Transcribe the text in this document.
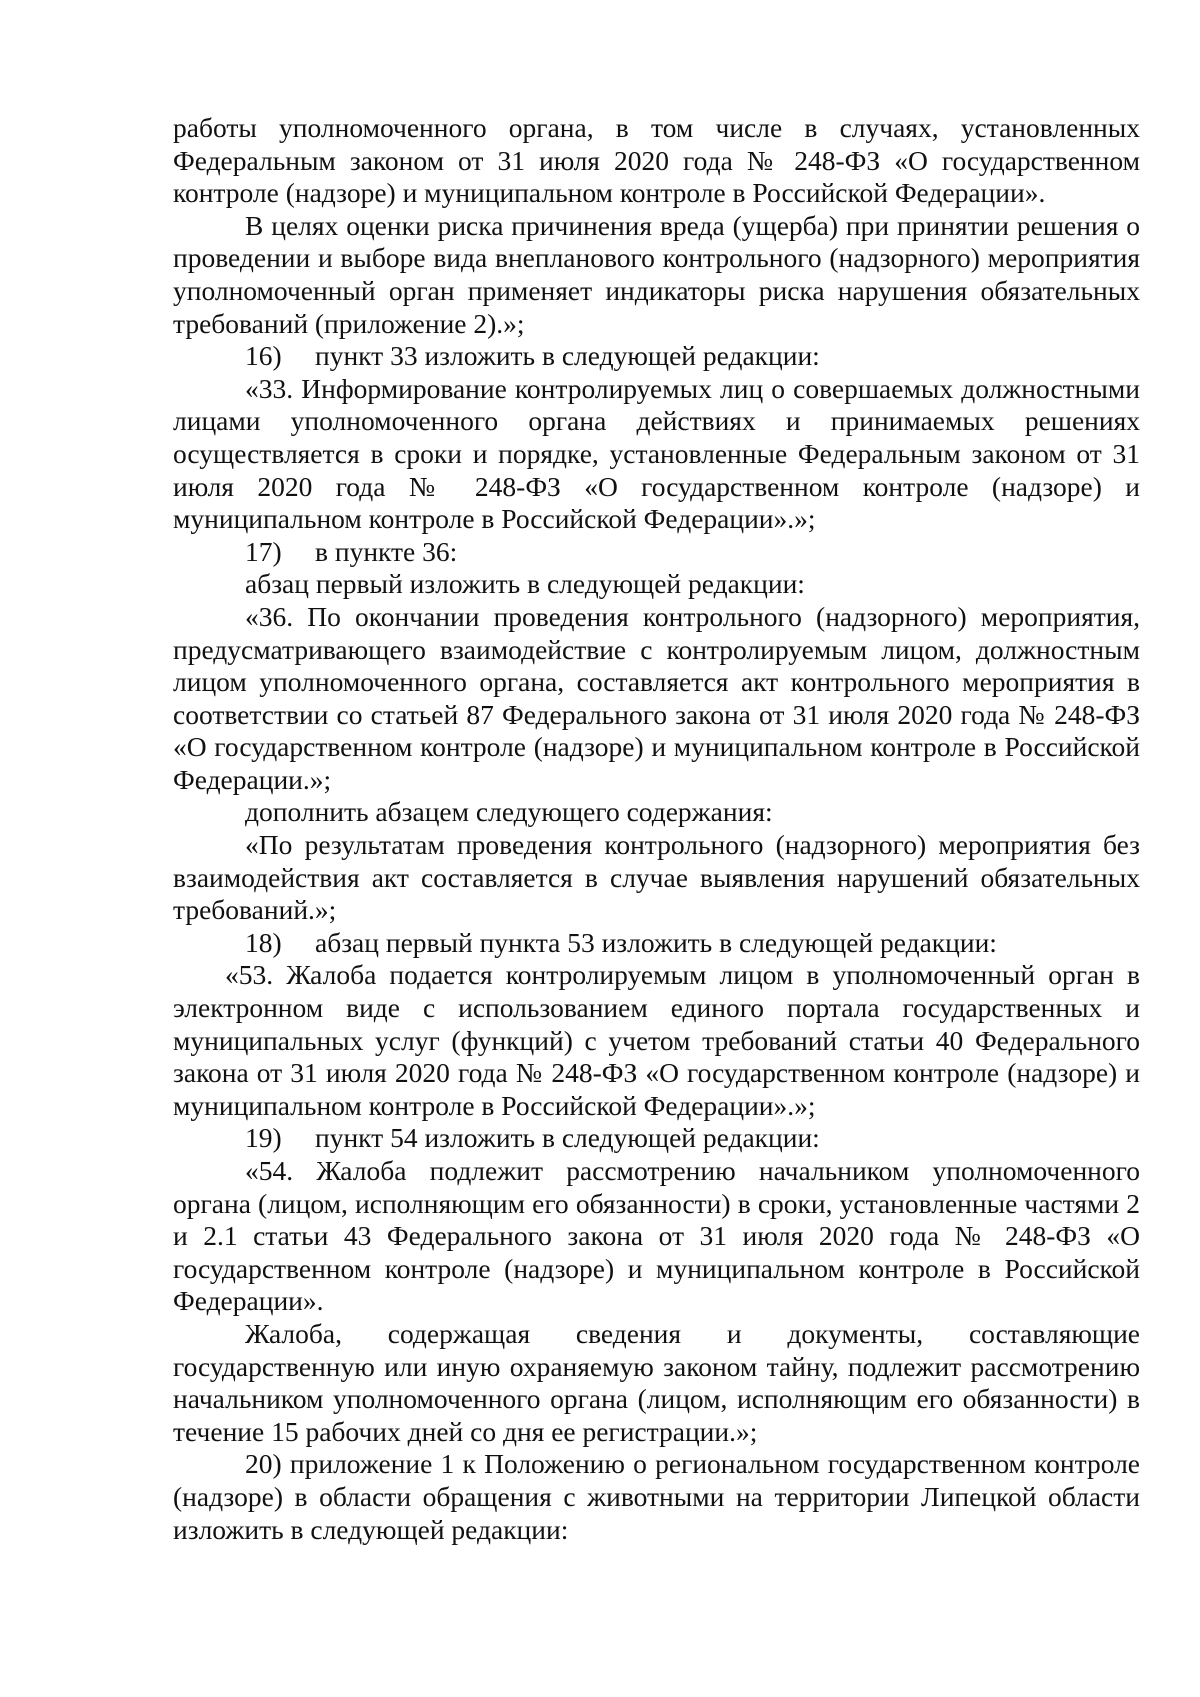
работы уполномоченного органа, в том числе в случаях, установленных Федеральным законом от 31 июля 2020 года № 248-ФЗ «О государственном контроле (надзоре) и муниципальном контроле в Российской Федерации».

В целях оценки риска причинения вреда (ущерба) при принятии решения о проведении и выборе вида внепланового контрольного (надзорного) мероприятия уполномоченный орган применяет индикаторы риска нарушения обязательных требований (приложение 2).»;

16) пункт 33 изложить в следующей редакции:

«33. Информирование контролируемых лиц о совершаемых должностными лицами уполномоченного органа действиях и принимаемых решениях осуществляется в сроки и порядке, установленные Федеральным законом от 31 июля 2020 года № 248-ФЗ «О государственном контроле (надзоре) и муниципальном контроле в Российской Федерации».»;

17) в пункте 36:

абзац первый изложить в следующей редакции:

«36. По окончании проведения контрольного (надзорного) мероприятия, предусматривающего взаимодействие с контролируемым лицом, должностным лицом уполномоченного органа, составляется акт контрольного мероприятия в соответствии со статьей 87 Федерального закона от 31 июля 2020 года № 248-ФЗ «О государственном контроле (надзоре) и муниципальном контроле в Российской Федерации.»;

дополнить абзацем следующего содержания:

«По результатам проведения контрольного (надзорного) мероприятия без взаимодействия акт составляется в случае выявления нарушений обязательных требований.»;

18) абзац первый пункта 53 изложить в следующей редакции:

«53. Жалоба подается контролируемым лицом в уполномоченный орган в электронном виде с использованием единого портала государственных и муниципальных услуг (функций) с учетом требований статьи 40 Федерального закона от 31 июля 2020 года № 248-ФЗ «О государственном контроле (надзоре) и муниципальном контроле в Российской Федерации».»;

19) пункт 54 изложить в следующей редакции:

«54. Жалоба подлежит рассмотрению начальником уполномоченного органа (лицом, исполняющим его обязанности) в сроки, установленные частями 2 и 2.1 статьи 43 Федерального закона от 31 июля 2020 года № 248-ФЗ «О государственном контроле (надзоре) и муниципальном контроле в Российской Федерации».

Жалоба, содержащая сведения и документы, составляющие государственную или иную охраняемую законом тайну, подлежит рассмотрению начальником уполномоченного органа (лицом, исполняющим его обязанности) в течение 15 рабочих дней со дня ее регистрации.»;

20) приложение 1 к Положению о региональном государственном контроле (надзоре) в области обращения с животными на территории Липецкой области изложить в следующей редакции:
